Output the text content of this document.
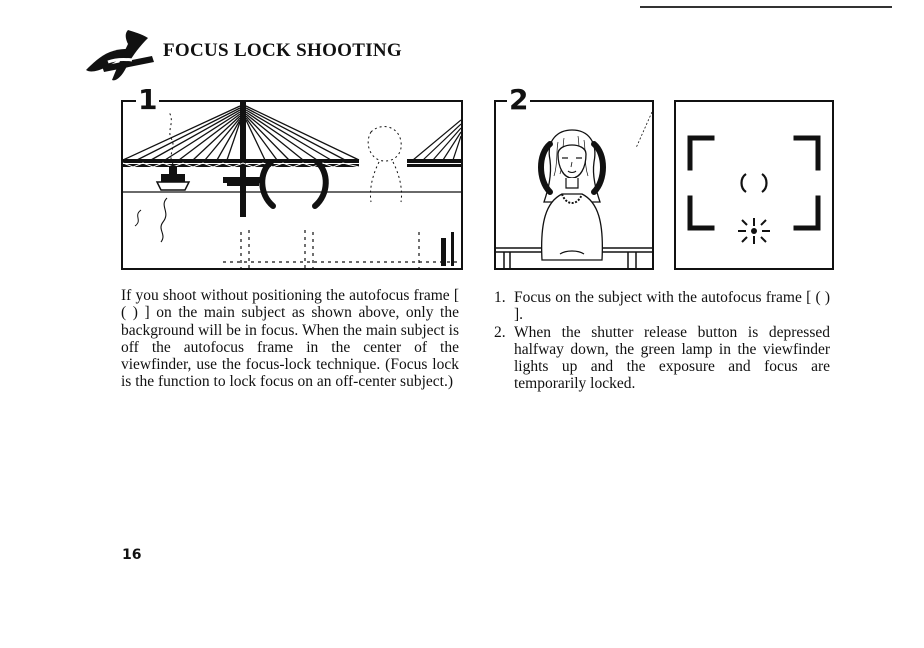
FOCUS LOCK SHOOTING
1	2
If you shoot without positioning the autofocus frame [ ( ) ] on the main subject as shown above, only the background will be in focus. When the main subject is off the autofocus frame in the center of the viewfinder, use the focus-lock technique. (Focus lock is the function to lock focus on an off-center subject.)
1. Focus on the subject with the autofocus frame [ ( ) ].
2. When the shutter release button is depressed halfway down, the green lamp in the viewfinder lights up and the exposure and focus are temporarily locked.
16
